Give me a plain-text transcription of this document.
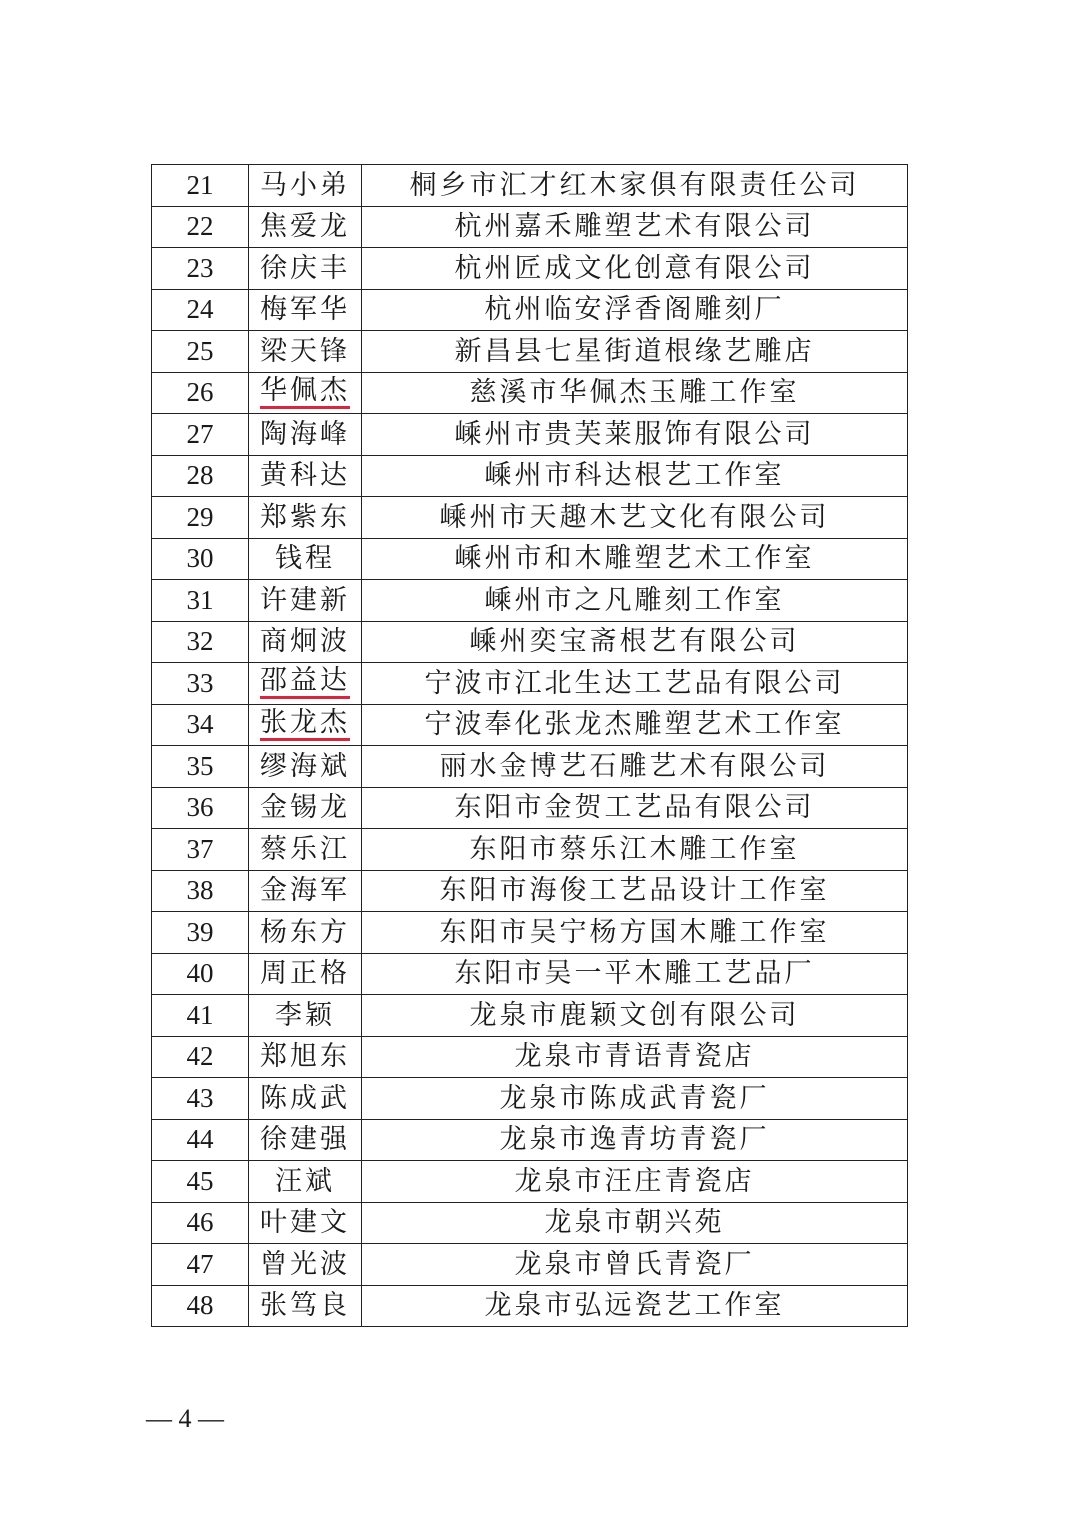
21	马小弟	桐乡市汇才红木家俱有限责任公司
22	焦爱龙	杭州嘉禾雕塑艺术有限公司
23	徐庆丰	杭州匠成文化创意有限公司
24	梅军华	杭州临安浮香阁雕刻厂
25	梁天锋	新昌县七星街道根缘艺雕店
26	华佩杰	慈溪市华佩杰玉雕工作室
27	陶海峰	嵊州市贵芙莱服饰有限公司
28	黄科达	嵊州市科达根艺工作室
29	郑紫东	嵊州市天趣木艺文化有限公司
30	钱程	嵊州市和木雕塑艺术工作室
31	许建新	嵊州市之凡雕刻工作室
32	商炯波	嵊州奕宝斋根艺有限公司
33	邵益达	宁波市江北生达工艺品有限公司
34	张龙杰	宁波奉化张龙杰雕塑艺术工作室
35	缪海斌	丽水金博艺石雕艺术有限公司
36	金锡龙	东阳市金贺工艺品有限公司
37	蔡乐江	东阳市蔡乐江木雕工作室
38	金海军	东阳市海俊工艺品设计工作室
39	杨东方	东阳市吴宁杨方国木雕工作室
40	周正格	东阳市吴一平木雕工艺品厂
41	李颖	龙泉市鹿颖文创有限公司
42	郑旭东	龙泉市青语青瓷店
43	陈成武	龙泉市陈成武青瓷厂
44	徐建强	龙泉市逸青坊青瓷厂
45	汪斌	龙泉市汪庄青瓷店
46	叶建文	龙泉市朝兴苑
47	曾光波	龙泉市曾氏青瓷厂
48	张笃良	龙泉市弘远瓷艺工作室
— 4 —
